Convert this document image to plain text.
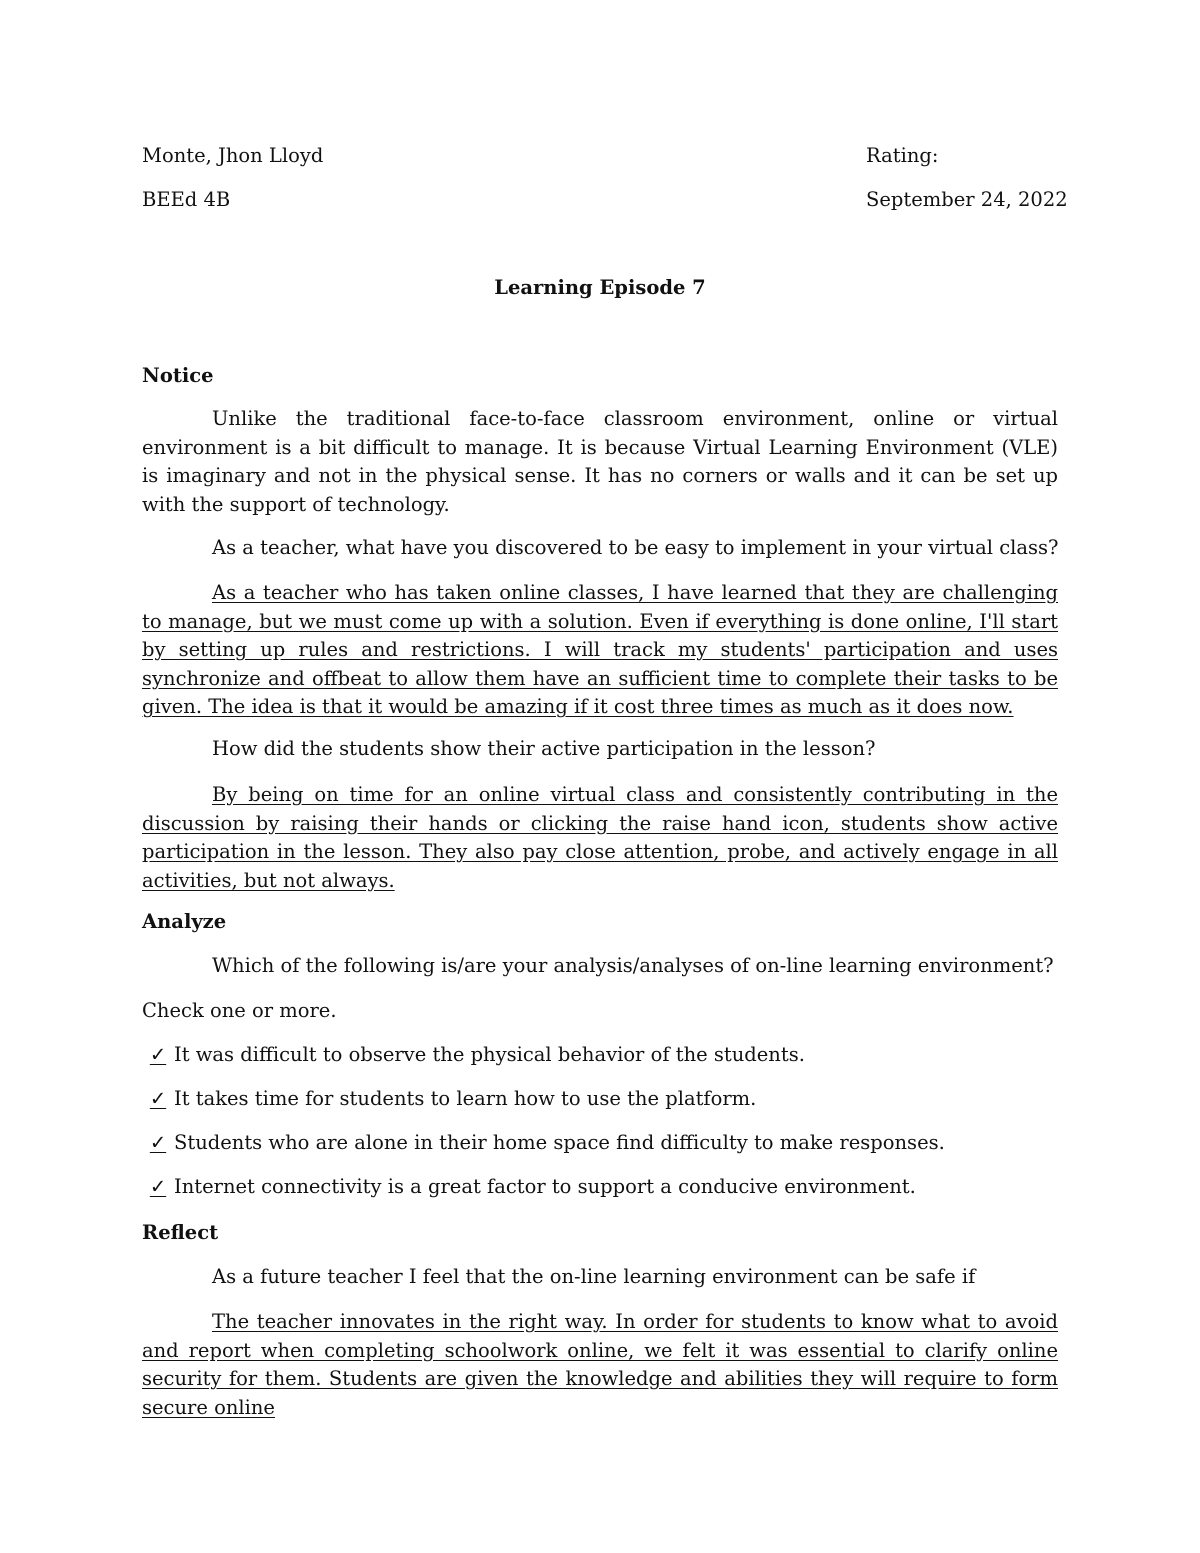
Monte, Jhon Lloyd	Rating:
BEEd 4B	September 24, 2022
Learning Episode 7
Notice
Unlike the traditional face-to-face classroom environment, online or virtual environment is a bit difficult to manage. It is because Virtual Learning Environment (VLE) is imaginary and not in the physical sense. It has no corners or walls and it can be set up with the support of technology.
As a teacher, what have you discovered to be easy to implement in your virtual class?
As a teacher who has taken online classes, I have learned that they are challenging to manage, but we must come up with a solution. Even if everything is done online, I'll start by setting up rules and restrictions. I will track my students' participation and uses synchronize and offbeat to allow them have an sufficient time to complete their tasks to be given. The idea is that it would be amazing if it cost three times as much as it does now.
How did the students show their active participation in the lesson?
By being on time for an online virtual class and consistently contributing in the discussion by raising their hands or clicking the raise hand icon, students show active participation in the lesson. They also pay close attention, probe, and actively engage in all activities, but not always.
Analyze
Which of the following is/are your analysis/analyses of on-line learning environment?
Check one or more.
✓ It was difficult to observe the physical behavior of the students.
✓ It takes time for students to learn how to use the platform.
✓ Students who are alone in their home space find difficulty to make responses.
✓ Internet connectivity is a great factor to support a conducive environment.
Reflect
As a future teacher I feel that the on-line learning environment can be safe if
The teacher innovates in the right way. In order for students to know what to avoid and report when completing schoolwork online, we felt it was essential to clarify online security for them. Students are given the knowledge and abilities they will require to form secure online
